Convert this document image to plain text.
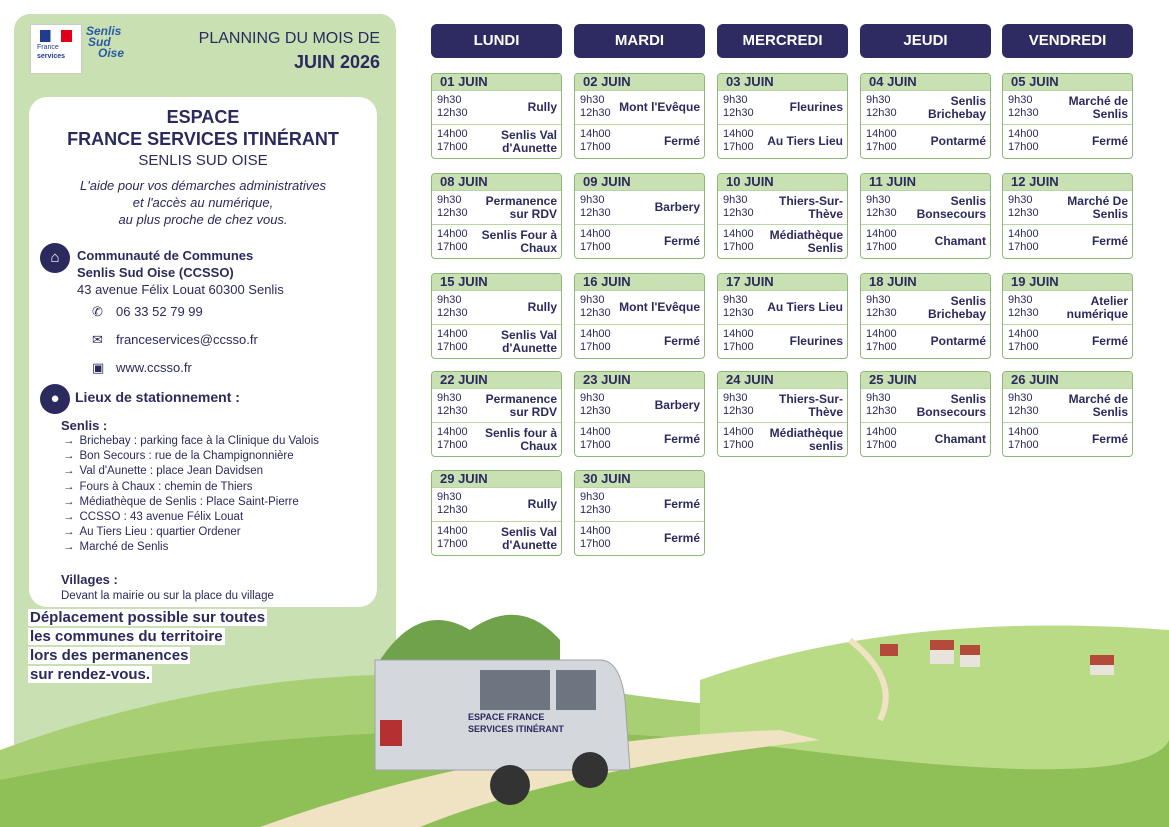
France
services
Senlis
Sud
Oise
PLANNING DU MOIS DE
JUIN 2026
ESPACE
FRANCE SERVICES ITINÉRANT
SENLIS SUD OISE
L'aide pour vos démarches administratives
et l'accès au numérique,
au plus proche de chez vous.
⌂	Communauté de Communes
Senlis Sud Oise (CCSSO)
43 avenue Félix Louat 60300 Senlis
✆ 06 33 52 79 99
✉ franceservices@ccsso.fr
▣ www.ccsso.fr
●	Lieux de stationnement :
Senlis :
→ Brichebay : parking face à la Clinique du Valois
→ Bon Secours : rue de la Champignonnière
→ Val d'Aunette : place Jean Davidsen
→ Fours à Chaux : chemin de Thiers
→ Médiathèque de Senlis : Place Saint-Pierre
→ CCSSO : 43 avenue Félix Louat
→ Au Tiers Lieu : quartier Ordener
→ Marché de Senlis
Villages :
Devant la mairie ou sur la place du village
ESPACE FRANCE
SERVICES ITINÉRANT
Déplacement possible sur toutes
les communes du territoire
lors des permanences
sur rendez-vous.
LUNDI	MARDI	MERCREDI	JEUDI	VENDREDI
01 JUIN
9h30
12h30	Rully
14h00
17h00
Senlis Val d'Aunette
02 JUIN
9h30
12h30 Mont l'Evêque
14h00
17h00	Fermé
03 JUIN
9h30
12h30	Fleurines
14h00
17h00	Au Tiers Lieu
04 JUIN
9h30
12h30
Senlis Brichebay
14h00
17h00	Pontarmé
05 JUIN
9h30
12h30
Marché de Senlis
14h00
17h00	Fermé
08 JUIN
9h30
12h30
Permanence sur RDV
14h00
17h00
Senlis Four à Chaux
09 JUIN
9h30
12h30	Barbery
14h00
17h00	Fermé
10 JUIN
9h30
12h30
Thiers-Sur-Thève
14h00
17h00
Médiathèque Senlis
11 JUIN
9h30
12h30
Senlis Bonsecours
14h00
17h00	Chamant
12 JUIN
9h30
12h30
Marché De Senlis
14h00
17h00	Fermé
15 JUIN
9h30
12h30	Rully
14h00
17h00
Senlis Val d'Aunette
16 JUIN
9h30
12h30 Mont l'Evêque
14h00
17h00	Fermé
17 JUIN
9h30
12h30	Au Tiers Lieu
14h00
17h00	Fleurines
18 JUIN
9h30
12h30
Senlis Brichebay
14h00
17h00	Pontarmé
19 JUIN
9h30
12h30
Atelier numérique
14h00
17h00	Fermé
22 JUIN
9h30
12h30
Permanence sur RDV
14h00
17h00
Senlis four à Chaux
23 JUIN
9h30
12h30	Barbery
14h00
17h00	Fermé
24 JUIN
9h30
12h30
Thiers-Sur-Thève
14h00
17h00
Médiathèque senlis
25 JUIN
9h30
12h30
Senlis Bonsecours
14h00
17h00	Chamant
26 JUIN
9h30
12h30
Marché de Senlis
14h00
17h00	Fermé
29 JUIN
9h30
12h30	Rully
14h00
17h00
Senlis Val d'Aunette
30 JUIN
9h30
12h30	Fermé
14h00
17h00	Fermé
